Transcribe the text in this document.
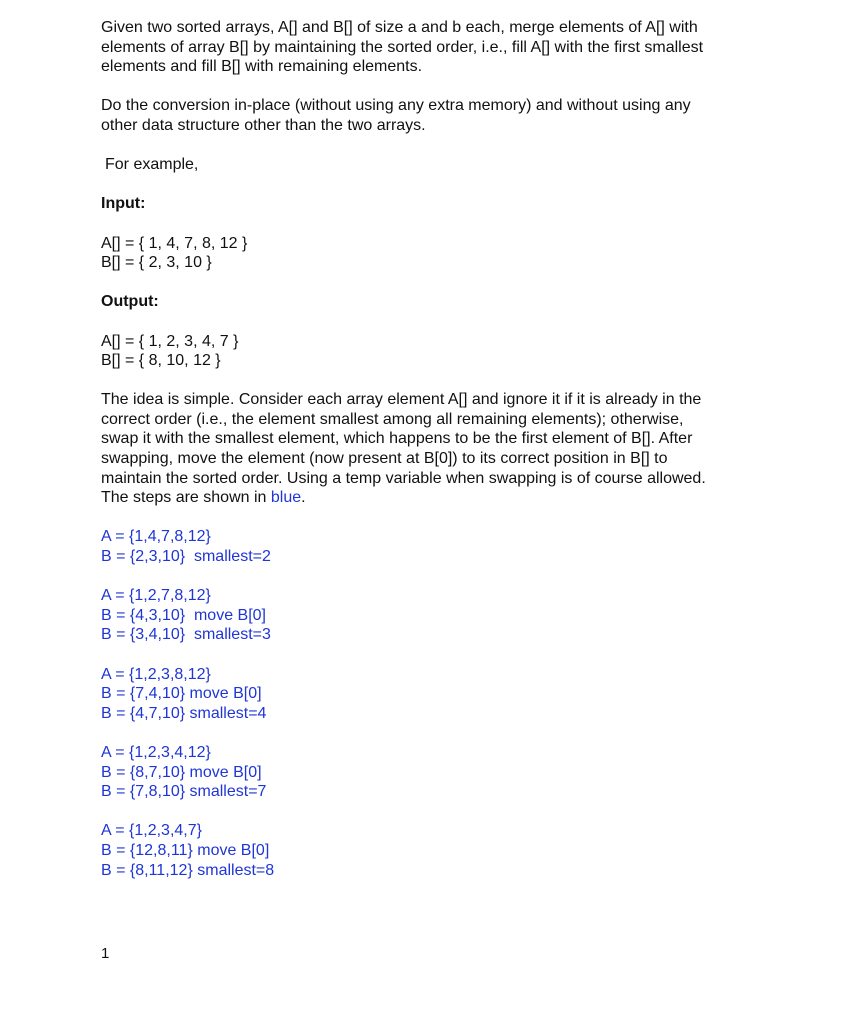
Given two sorted arrays, A[] and B[] of size a and b each, merge elements of A[] with

elements of array B[] by maintaining the sorted order, i.e., fill A[] with the first smallest

elements and fill B[] with remaining elements.

Do the conversion in-place (without using any extra memory) and without using any

other data structure other than the two arrays.

For example,

Input:

A[] = { 1, 4, 7, 8, 12 }

B[] = { 2, 3, 10 }

Output:

A[] = { 1, 2, 3, 4, 7 }

B[] = { 8, 10, 12 }

The idea is simple. Consider each array element A[] and ignore it if it is already in the

correct order (i.e., the element smallest among all remaining elements); otherwise,

swap it with the smallest element, which happens to be the first element of B[]. After

swapping, move the element (now present at B[0]) to its correct position in B[] to

maintain the sorted order. Using a temp variable when swapping is of course allowed.

The steps are shown in blue.

A = {1,4,7,8,12}

B = {2,3,10}  smallest=2

A = {1,2,7,8,12}

B = {4,3,10}  move B[0]

B = {3,4,10}  smallest=3

A = {1,2,3,8,12}

B = {7,4,10} move B[0]

B = {4,7,10} smallest=4

A = {1,2,3,4,12}

B = {8,7,10} move B[0]

B = {7,8,10} smallest=7

A = {1,2,3,4,7}

B = {12,8,11} move B[0]

B = {8,11,12} smallest=8

1
